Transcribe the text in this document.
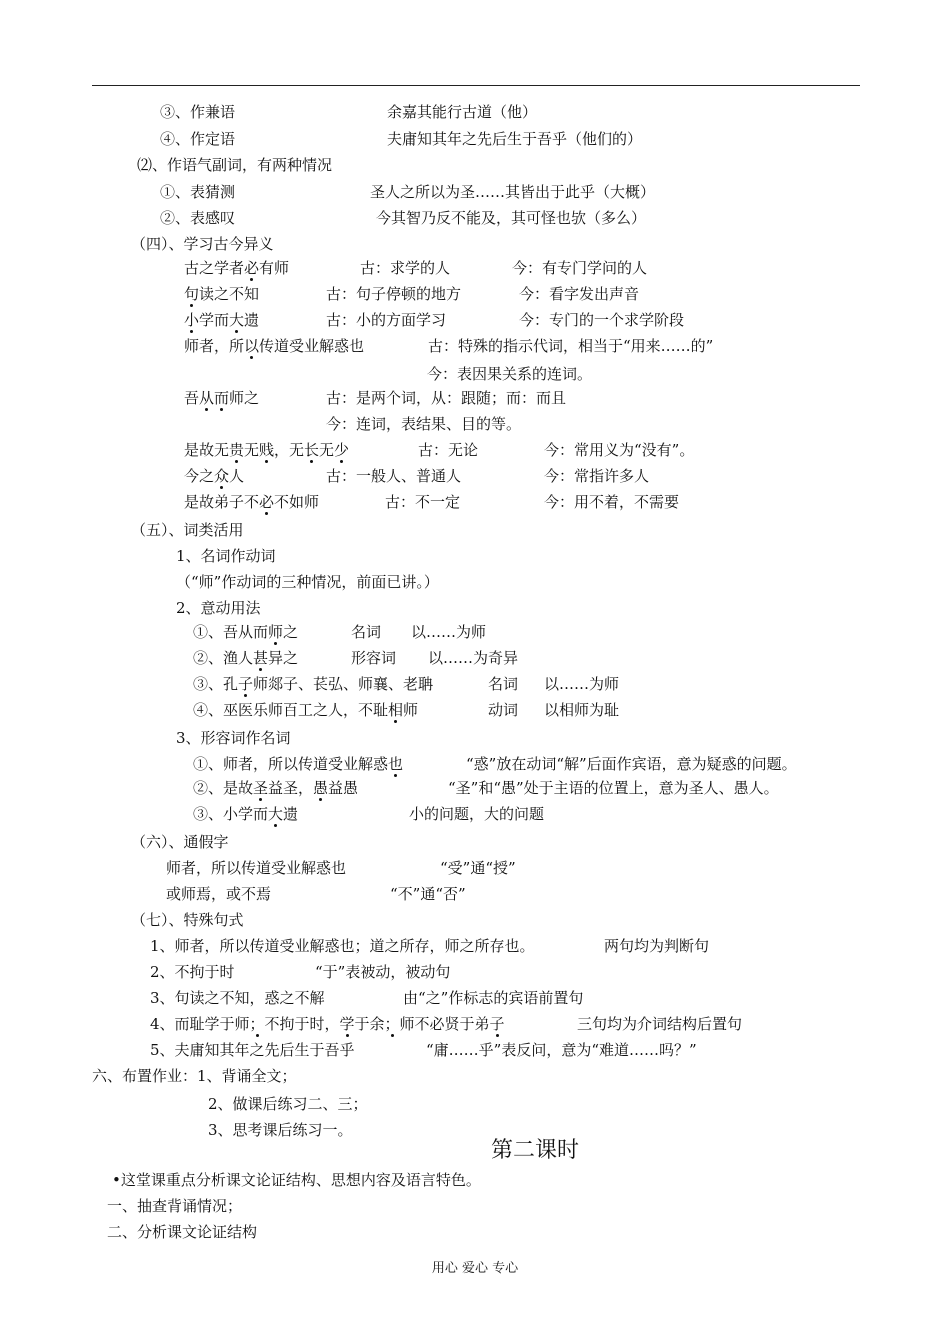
③、作兼语	余嘉其能行古道（他）
④、作定语	夫庸知其年之先后生于吾乎（他们的）
⑵、作语气副词，有两种情况
①、表猜测	圣人之所以为圣……其皆出于此乎（大概）
②、表感叹	今其智乃反不能及，其可怪也欤（多么）
（四）、学习古今异义
古之学者必有师	古：求学的人	今：有专门学问的人
句读之不知	古：句子停顿的地方	今：看字发出声音
小学而大遗	古：小的方面学习	今：专门的一个求学阶段
师者，所以传道受业解惑也	古：特殊的指示代词，相当于“用来……的”
今：表因果关系的连词。
吾从而师之	古：是两个词，从：跟随；而：而且
今：连词，表结果、目的等。
是故无贵无贱，无长无少	古：无论	今：常用义为“没有”。
今之众人	古：一般人、普通人	今：常指许多人
是故弟子不必不如师	古：不一定	今：用不着，不需要
（五）、词类活用
1、名词作动词
（“师”作动词的三种情况，前面已讲。）
2、意动用法
①、吾从而师之	名词 以……为师
②、渔人甚异之	形容词 以……为奇异
③、孔子师郯子、苌弘、师襄、老聃	名词 以……为师
④、巫医乐师百工之人，不耻相师	动词 以相师为耻
3、形容词作名词
①、师者，所以传道受业解惑也	“惑”放在动词“解”后面作宾语，意为疑惑的问题。
②、是故圣益圣，愚益愚	“圣”和“愚”处于主语的位置上，意为圣人、愚人。
③、小学而大遗	小的问题，大的问题
（六）、通假字
师者，所以传道受业解惑也	“受”通“授”
或师焉，或不焉	“不”通“否”
（七）、特殊句式
1、师者，所以传道受业解惑也；道之所存，师之所存也。	两句均为判断句
2、不拘于时	“于”表被动，被动句
3、句读之不知，惑之不解	由“之”作标志的宾语前置句
4、而耻学于师；不拘于时，学于余；师不必贤于弟子	三句均为介词结构后置句
5、夫庸知其年之先后生于吾乎	“庸……乎”表反问，意为“难道……吗？”
六、布置作业：1、背诵全文；
2、做课后练习二、三；
3、思考课后练习一。
•这堂课重点分析课文论证结构、思想内容及语言特色。
一、抽查背诵情况；
二、分析课文论证结构
第二课时
用心 爱心 专心
